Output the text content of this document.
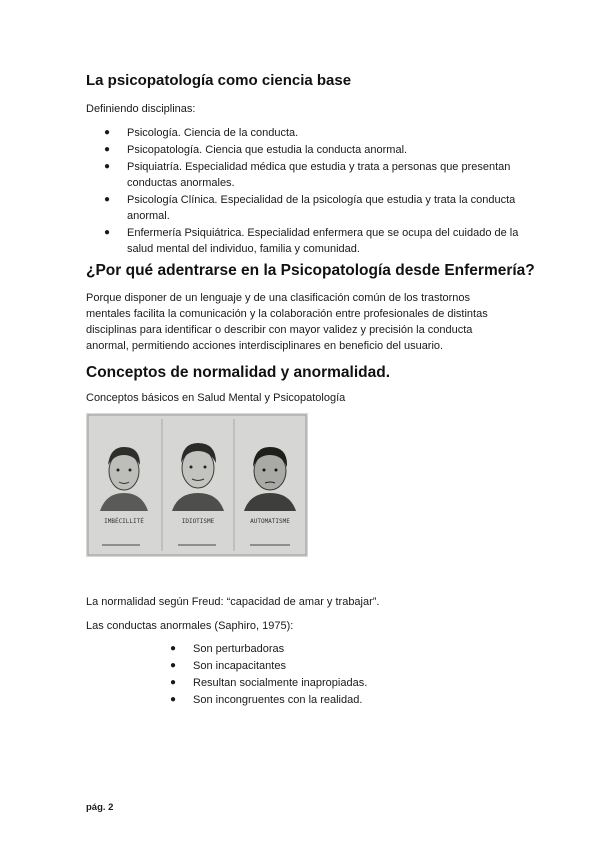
La psicopatología como ciencia base
Definiendo disciplinas:
● Psicología. Ciencia de la conducta.
● Psicopatología. Ciencia que estudia la conducta anormal.
● Psiquiatría. Especialidad médica que estudia y trata a personas que presentan conductas anormales.
● Psicología Clínica. Especialidad de la psicología que estudia y trata la conducta anormal.
● Enfermería Psiquiátrica. Especialidad enfermera que se ocupa del cuidado de la salud mental del individuo, familia y comunidad.
¿Por qué adentrarse en la Psicopatología desde Enfermería?
Porque disponer de un lenguaje y de una clasificación común de los trastornos mentales facilita la comunicación y la colaboración entre profesionales de distintas disciplinas para identificar o describir con mayor validez y precisión la conducta anormal, permitiendo acciones interdisciplinares en beneficio del usuario.
Conceptos de normalidad y anormalidad.
Conceptos básicos en Salud Mental y Psicopatología
IMBÉCILLITÉ	IDIOTISME	AUTOMATISME
La normalidad según Freud: “capacidad de amar y trabajar”.
Las conductas anormales (Saphiro, 1975):
● Son perturbadoras
● Son incapacitantes
● Resultan socialmente inapropiadas.
● Son incongruentes con la realidad.
pág. 2
